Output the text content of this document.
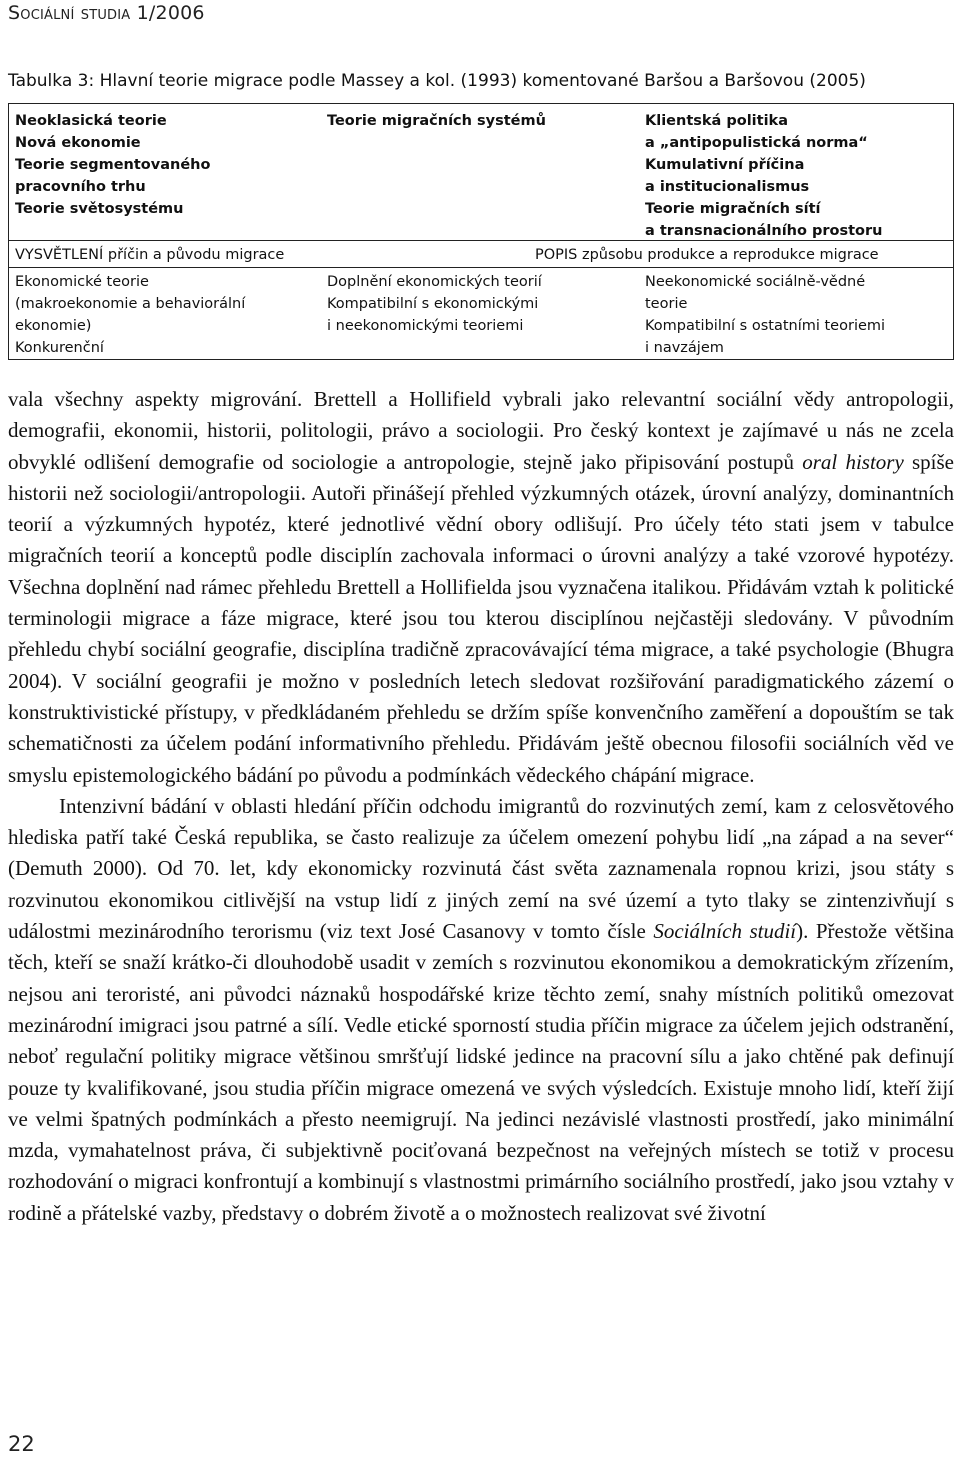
Sociální studia 1/2006
Tabulka 3: Hlavní teorie migrace podle Massey a kol. (1993) komentované Baršou a Baršovou (2005)
Neoklasická teorie
Nová ekonomie
Teorie segmentovaného
pracovního trhu
Teorie světosystému
Teorie migračních systémů	Klientská politika
a „antipopulistická norma“
Kumulativní příčina
a institucionalismus
Teorie migračních sítí
a transnacionálního prostoru
VYSVĚTLENÍ příčin a původu migrace	POPIS způsobu produkce a reprodukce migrace
Ekonomické teorie
(makroekonomie a behaviorální
ekonomie)
Konkurenční
Doplnění ekonomických teorií
Kompatibilní s ekonomickými
i neekonomickými teoriemi
Neekonomické sociálně-vědné
teorie
Kompatibilní s ostatními teoriemi
i navzájem

vala všechny aspekty migrování. Brettell a Hollifield vybrali jako relevantní sociální vědy antropologii, demografii, ekonomii, historii, politologii, právo a sociologii. Pro český kontext je zajímavé u nás ne zcela obvyklé odlišení demografie od sociologie a antropologie, stejně jako připisování postupů oral history spíše historii než sociologii/antropologii. Autoři přinášejí přehled výzkumných otázek, úrovní analýzy, dominantních teorií a výzkumných hypotéz, které jednotlivé vědní obory odlišují. Pro účely této stati jsem v tabulce migračních teorií a konceptů podle disciplín zachovala informaci o úrovni analýzy a také vzorové hypotézy. Všechna doplnění nad rámec přehledu Brettell a Hollifielda jsou vyznačena italikou. Přidávám vztah k politické terminologii migrace a fáze migrace, které jsou tou kterou disciplínou nejčastěji sledovány. V původním přehledu chybí sociální geografie, disciplína tradičně zpracovávající téma migrace, a také psychologie (Bhugra 2004). V sociální geografii je možno v posledních letech sledovat rozšiřování paradigmatického zázemí o konstruktivistické přístupy, v předkládaném přehledu se držím spíše konvenčního zaměření a dopouštím se tak schematičnosti za účelem podání informativního přehledu. Přidávám ještě obecnou filosofii sociálních věd ve smyslu epistemologického bádání po původu a podmínkách vědeckého chápání migrace.

Intenzivní bádání v oblasti hledání příčin odchodu imigrantů do rozvinutých zemí, kam z celosvětového hlediska patří také Česká republika, se často realizuje za účelem omezení pohybu lidí „na západ a na sever“ (Demuth 2000). Od 70. let, kdy ekonomicky rozvinutá část světa zaznamenala ropnou krizi, jsou státy s rozvinutou ekonomikou citlivější na vstup lidí z jiných zemí na své území a tyto tlaky se zintenzivňují s událostmi mezinárodního terorismu (viz text José Casanovy v tomto čísle Sociálních studií). Přestože většina těch, kteří se snaží krátko-či dlouhodobě usadit v zemích s rozvinutou ekonomikou a demokratickým zřízením, nejsou ani teroristé, ani původci náznaků hospodářské krize těchto zemí, snahy místních politiků omezovat mezinárodní imigraci jsou patrné a sílí. Vedle etické sporností studia příčin migrace za účelem jejich odstranění, neboť regulační politiky migrace většinou smršťují lidské jedince na pracovní sílu a jako chtěné pak definují pouze ty kvalifikované, jsou studia příčin migrace omezená ve svých výsledcích. Existuje mnoho lidí, kteří žijí ve velmi špatných podmínkách a přesto neemigrují. Na jedinci nezávislé vlastnosti prostředí, jako minimální mzda, vymahatelnost práva, či subjektivně pociťovaná bezpečnost na veřejných místech se totiž v procesu rozhodování o migraci konfrontují a kombinují s vlastnostmi primárního sociálního prostředí, jako jsou vztahy v rodině a přátelské vazby, představy o dobrém životě a o možnostech realizovat své životní

22
